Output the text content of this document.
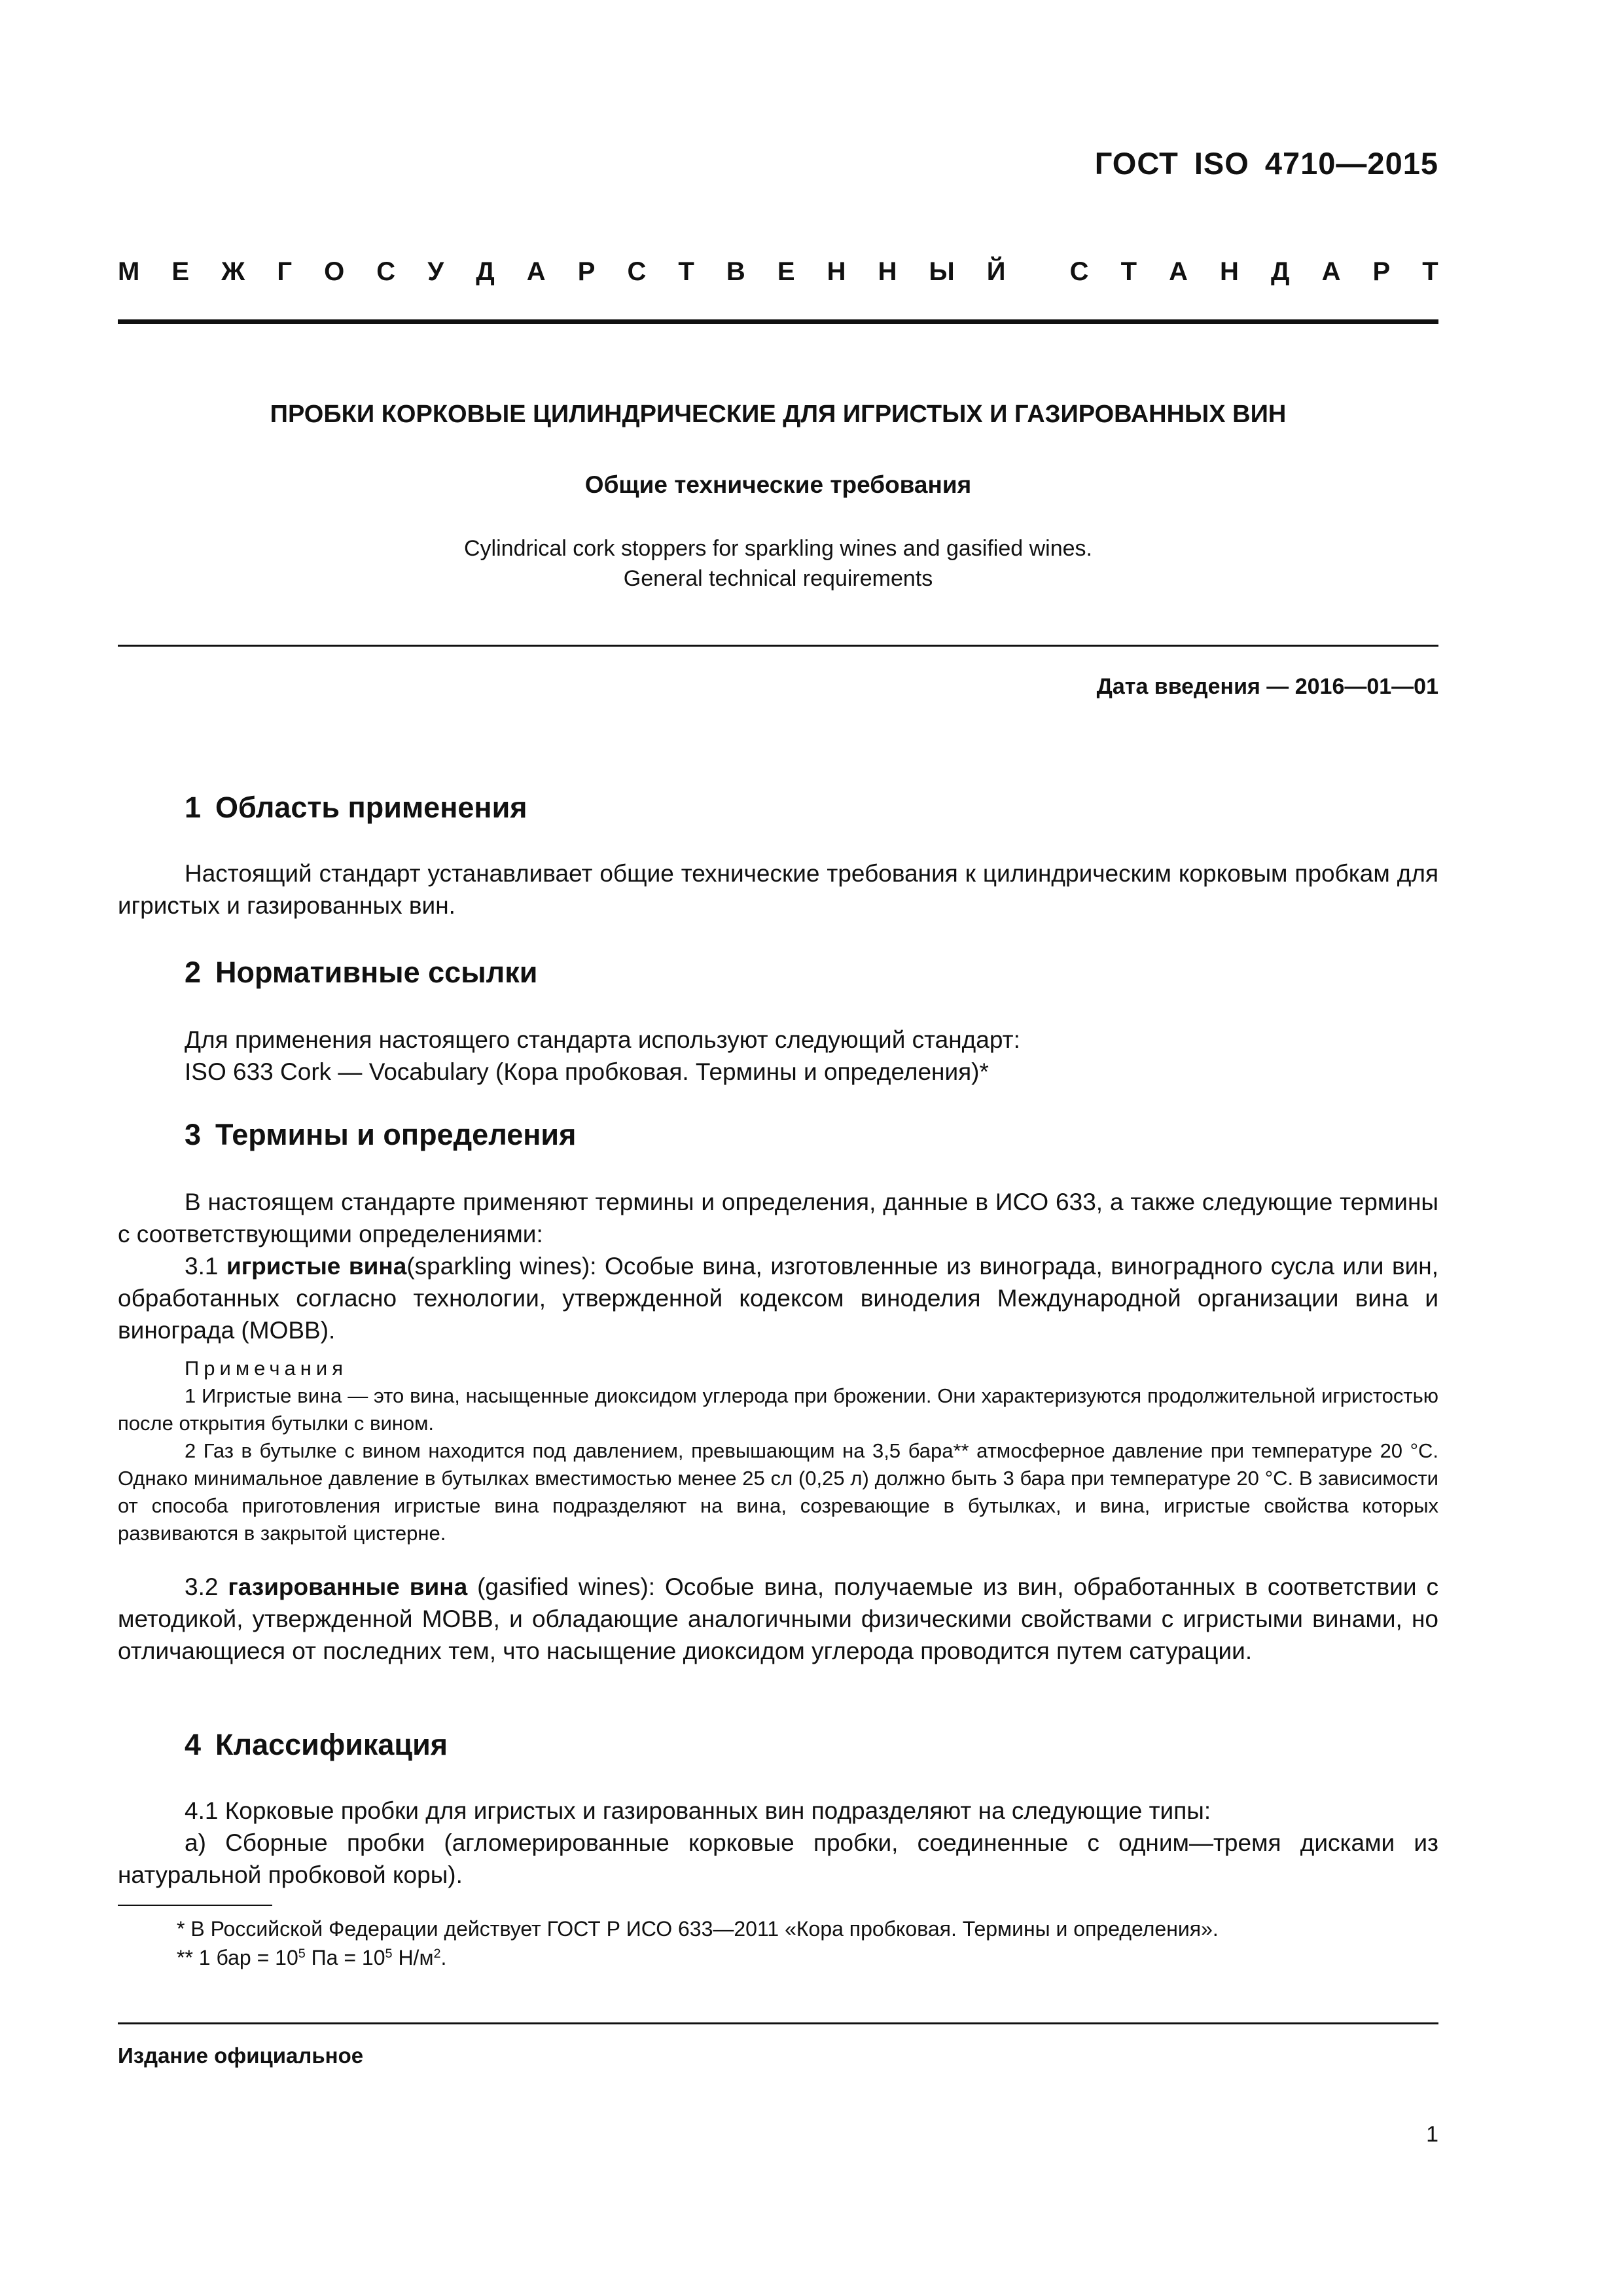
ГОСТ ISO 4710—2015
М Е Ж Г О С У Д А Р С Т В Е Н Н Ы Й С Т А Н Д А Р Т
ПРОБКИ КОРКОВЫЕ ЦИЛИНДРИЧЕСКИЕ ДЛЯ ИГРИСТЫХ И ГАЗИРОВАННЫХ ВИН
Общие технические требования
Cylindrical cork stoppers for sparkling wines and gasified wines.
General technical requirements
Дата введения — 2016—01—01
1 Область применения
Настоящий стандарт устанавливает общие технические требования к цилиндрическим корковым пробкам для игристых и газированных вин.
2 Нормативные ссылки
Для применения настоящего стандарта используют следующий стандарт:
ISO 633 Cork — Vocabulary (Кора пробковая. Термины и определения)*
3 Термины и определения
В настоящем стандарте применяют термины и определения, данные в ИСО 633, а также следующие термины с соответствующими определениями:
3.1 игристые вина(sparkling wines): Особые вина, изготовленные из винограда, виноградного сусла или вин, обработанных согласно технологии, утвержденной кодексом виноделия Международной организации вина и винограда (МОВВ).
Примечания
1 Игристые вина — это вина, насыщенные диоксидом углерода при брожении. Они характеризуются продолжительной игристостью после открытия бутылки с вином.
2 Газ в бутылке с вином находится под давлением, превышающим на 3,5 бара** атмосферное давление при температуре 20 °С. Однако минимальное давление в бутылках вместимостью менее 25 сл (0,25 л) должно быть 3 бара при температуре 20 °С. В зависимости от способа приготовления игристые вина подразделяют на вина, созревающие в бутылках, и вина, игристые свойства которых развиваются в закрытой цистерне.
3.2 газированные вина (gasified wines): Особые вина, получаемые из вин, обработанных в соответствии с методикой, утвержденной МОВВ, и обладающие аналогичными физическими свойствами с игристыми винами, но отличающиеся от последних тем, что насыщение диоксидом углерода проводится путем сатурации.
4 Классификация
4.1 Корковые пробки для игристых и газированных вин подразделяют на следующие типы:
а) Сборные пробки (агломерированные корковые пробки, соединенные с одним—тремя дисками из натуральной пробковой коры).
* В Российской Федерации действует ГОСТ Р ИСО 633—2011 «Кора пробковая. Термины и определения».
** 1 бар = $10^5$ Па = $10^5$ $Н/м^2$.
Издание официальное
1
